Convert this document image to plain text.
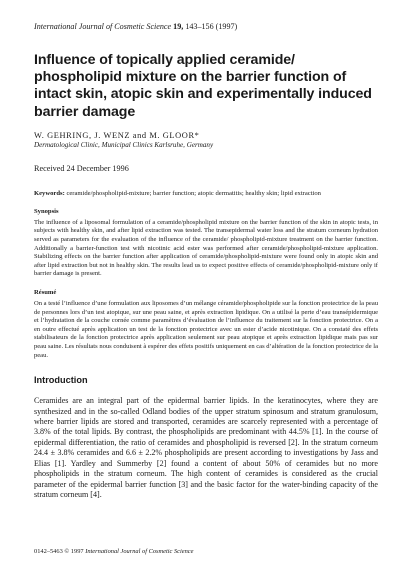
International Journal of Cosmetic Science 19, 143–156 (1997)

Influence of topically applied ceramide/ phospholipid mixture on the barrier function of intact skin, atopic skin and experimentally induced barrier damage

W. GEHRING, J. WENZ and M. GLOOR*

Dermatological Clinic, Municipal Clinics Karlsruhe, Germany

Received 24 December 1996

Keywords: ceramide/phospholipid-mixture; barrier function; atopic dermatitis; healthy skin; lipid extraction

Synopsis

The influence of a liposomal formulation of a ceramide/phospholipid mixture on the barrier function of the skin in atopic tests, in subjects with healthy skin, and after lipid extraction was tested. The transepidermal water loss and the stratum corneum hydration served as parameters for the evaluation of the influence of the ceramide/ phospholipid-mixture treatment on the barrier function. Additionally a barrier-function test with nicotinic acid ester was performed after ceramide/phospholipid-mixture application. Stabilizing effects on the barrier function after application of ceramide/phospholipid-mixture were found only in atopic skin and after lipid extraction but not in healthy skin. The results lead us to expect positive effects of ceramide/phospholipid-mixture only if barrier damage is present.

Résumé

On a testé l’influence d’une formulation aux liposomes d’un mélange céramide/phospholipide sur la fonction protectrice de la peau de personnes lors d’un test atopique, sur une peau saine, et après extraction lipidique. On a utilisé la perte d’eau transépidermique et l’hydratation de la couche cornée comme paramètres d’évaluation de l’influence du traitement sur la fonction protectrice. On a en outre effectué après application un test de la fonction protectrice avec un ester d’acide nicotinique. On a constaté des effets stabilisateurs de la fonction protectrice après application seulement sur peau atopique et après extraction lipidique mais pas sur peau saine. Les résultats nous conduisent à espérer des effets positifs uniquement en cas d’altération de la fonction protectrice de la peau.

Introduction

Ceramides are an integral part of the epidermal barrier lipids. In the keratinocytes, where they are synthesized and in the so-called Odland bodies of the upper stratum spinosum and stratum granulosum, where barrier lipids are stored and transported, ceramides are scarcely represented with a percentage of 3.8% of the total lipids. By contrast, the phospholipids are predominant with 44.5% [1]. In the course of epidermal differentiation, the ratio of ceramides and phospholipid is reversed [2]. In the stratum corneum 24.4 ± 3.8% ceramides and 6.6 ± 2.2% phospholipids are present according to investigations by Jass and Elias [1]. Yardley and Summerby [2] found a content of about 50% of ceramides but no more phospholipids in the stratum corneum. The high content of ceramides is considered as the crucial parameter of the epidermal barrier function [3] and the basic factor for the water-binding capacity of the stratum corneum [4].

0142–5463 © 1997 International Journal of Cosmetic Science
